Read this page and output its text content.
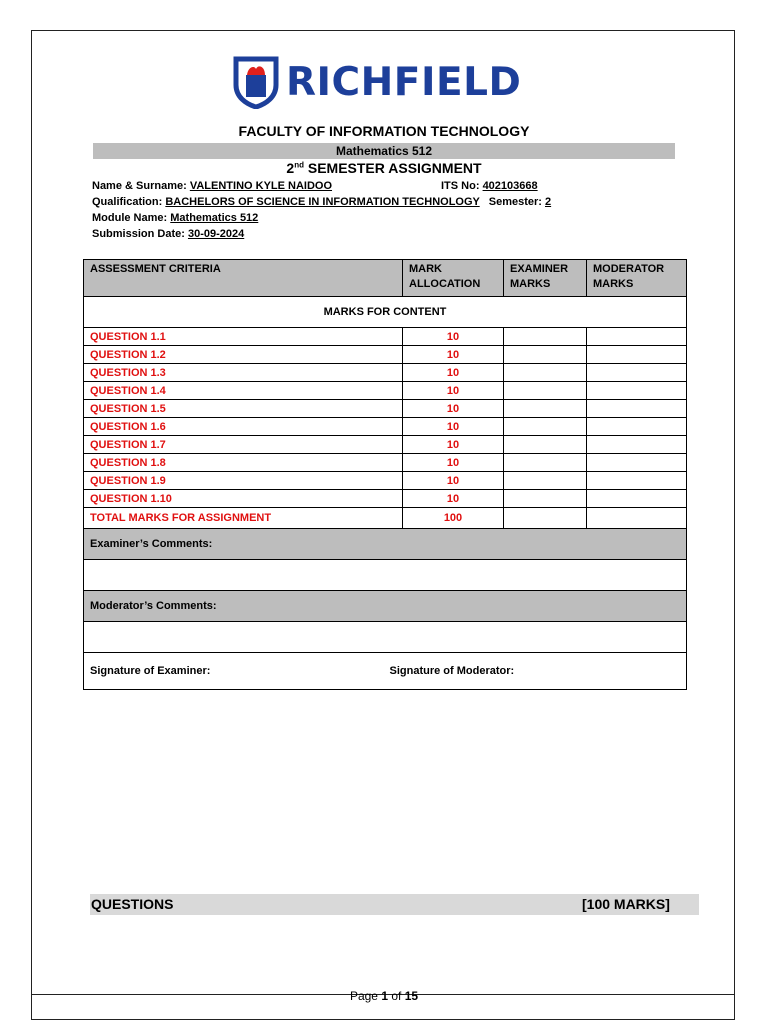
RICHFIELD
FACULTY OF INFORMATION TECHNOLOGY
Mathematics 512
2nd SEMESTER ASSIGNMENT
Name & Surname: VALENTINO KYLE NAIDOO	ITS No: 402103668
Qualification: BACHELORS OF SCIENCE IN INFORMATION TECHNOLOGY Semester: 2
Module Name: Mathematics 512
Submission Date: 30-09-2024
ASSESSMENT CRITERIA	MARK ALLOCATION	EXAMINER MARKS	MODERATOR MARKS
MARKS FOR CONTENT			
QUESTION 1.1	10		
QUESTION 1.2	10		
QUESTION 1.3	10		
QUESTION 1.4	10		
QUESTION 1.5	10		
QUESTION 1.6	10		
QUESTION 1.7	10		
QUESTION 1.8	10		
QUESTION 1.9	10		
QUESTION 1.10	10		
TOTAL MARKS FOR ASSIGNMENT	100		
Examiner’s Comments:			

Moderator’s Comments:			

Signature of Examiner: Signature of Moderator:			
QUESTIONS	[100 MARKS]
Page 1 of 15
